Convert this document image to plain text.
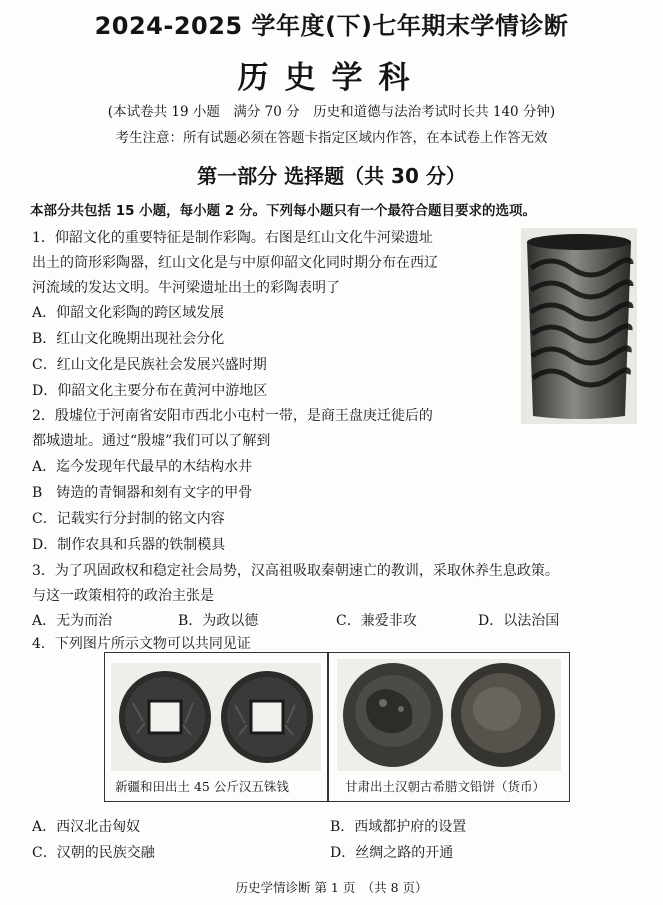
2024-2025 学年度(下)七年期末学情诊断
历史学科
(本试卷共 19 小题　满分 70 分　历史和道德与法治考试时长共 140 分钟)
考生注意：所有试题必须在答题卡指定区域内作答，在本试卷上作答无效
第一部分 选择题（共 30 分）
本部分共包括 15 小题，每小题 2 分。下列每小题只有一个最符合题目要求的选项。
1．仰韶文化的重要特征是制作彩陶。右图是红山文化牛河梁遗址
出土的筒形彩陶器，红山文化是与中原仰韶文化同时期分布在西辽
河流域的发达文明。牛河梁遗址出土的彩陶表明了
A．仰韶文化彩陶的跨区域发展
B．红山文化晚期出现社会分化
C．红山文化是民族社会发展兴盛时期
D．仰韶文化主要分布在黄河中游地区
2．殷墟位于河南省安阳市西北小屯村一带，是商王盘庚迁徙后的
都城遗址。通过“殷墟”我们可以了解到
A．迄今发现年代最早的木结构水井
B　铸造的青铜器和刻有文字的甲骨
C．记载实行分封制的铭文内容
D．制作农具和兵器的铁制模具
3．为了巩固政权和稳定社会局势，汉高祖吸取秦朝速亡的教训，采取休养生息政策。
与这一政策相符的政治主张是
A．无为而治	B．为政以德	C．兼爱非攻	D．以法治国
4．下列图片所示文物可以共同见证
新疆和田出土 45 公斤汉五铢钱	甘肃出土汉朝古希腊文铅饼（货币）
A．西汉北击匈奴	B．西域都护府的设置
C．汉朝的民族交融	D．丝绸之路的开通
历史学情诊断 第 1 页　（共 8 页）
